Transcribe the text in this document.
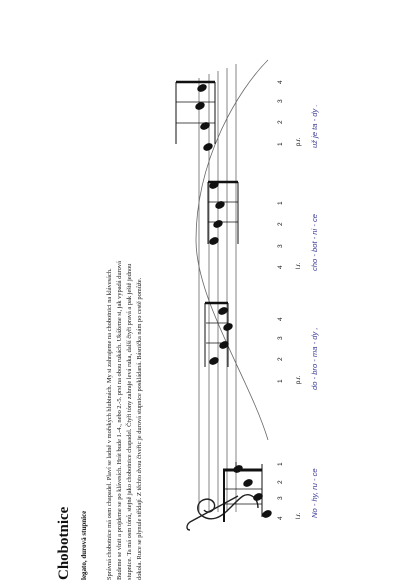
Chobotnice legato, durová stupnice	Správná chobotnice má osm chapadel. Plaví se ladně v mořských hlubinách. My si zahrajeme na chobotnici na klávesách. Budeme se vlnit a projdeme se po klávesích. Hrát bude 1.-4., nebo 2.-5. prst na obou rukách. Ukážeme si, jak vypadá durová stupnice. Ta má osm tónů, stejně jako chobotnice chapadel. Čtyři tóny zahraje levá ruka, další čtyři pravá a pak ještě jednou dokola. Ruce se plynule střídají. Z těchto dvou čtveřic je durová stupnice poskládaná. Básnička nám po cestě pomůže.	4
3
2
1
1
2
3
4
4
3
2
1
1
2
3
4
l.r.
p.r.
l.r.
p.r.
No - hy, ru - ce
do - bro - ma - dy ,
cho - bot - ni - ce
už je ta - dy .
